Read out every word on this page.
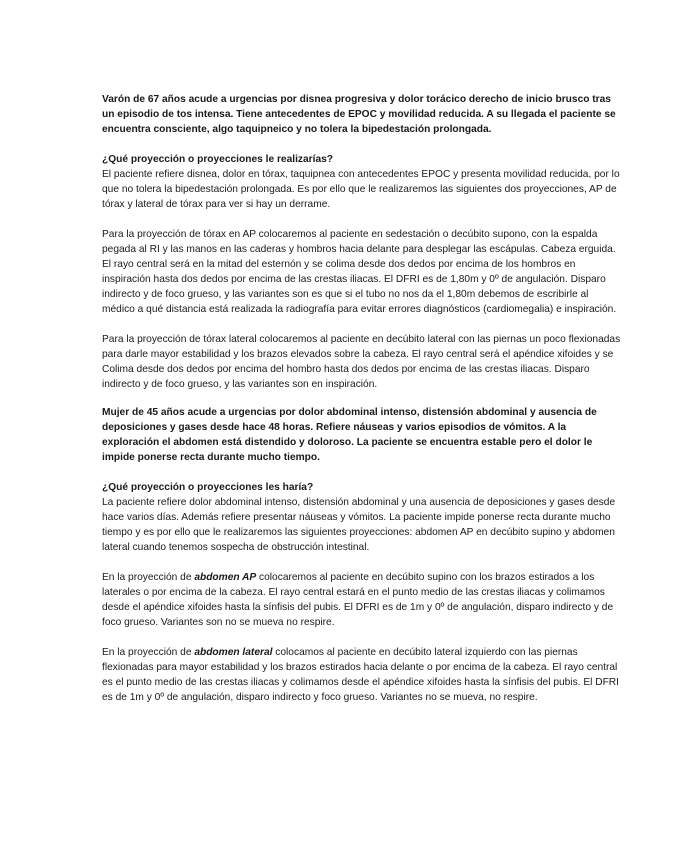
Varón de 67 años acude a urgencias por disnea progresiva y dolor torácico derecho de inicio brusco tras un episodio de tos intensa. Tiene antecedentes de EPOC y movilidad reducida. A su llegada el paciente se encuentra consciente, algo taquipneico y no tolera la bipedestación prolongada.

¿Qué proyección o proyecciones le realizarías?

El paciente refiere disnea, dolor en tórax, taquipnea con antecedentes EPOC y presenta movilidad reducida, por lo que no tolera la bipedestación prolongada. Es por ello que le realizaremos las siguientes dos proyecciones, AP de tórax y lateral de tórax para ver si hay un derrame.

Para la proyección de tórax en AP colocaremos al paciente en sedestación o decúbito supono, con la espalda pegada al RI y las manos en las caderas y hombros hacia delante para desplegar las escápulas. Cabeza erguida. El rayo central será en la mitad del esternón y se colima desde dos dedos por encima de los hombros en inspiración hasta dos dedos por encima de las crestas iliacas. El DFRI es de 1,80m y 0º de angulación. Disparo indirecto y de foco grueso, y las variantes son es que si el tubo no nos da el 1,80m debemos de escribirle al médico a qué distancia está realizada la radiografía para evitar errores diagnósticos (cardiomegalia) e inspiración.

Para la proyección de tórax lateral colocaremos al paciente en decúbito lateral con las piernas un poco flexionadas para darle mayor estabilidad y los brazos elevados sobre la cabeza. El rayo central será el apéndice xifoides y se Colima desde dos dedos por encima del hombro hasta dos dedos por encima de las crestas iliacas. Disparo indirecto y de foco grueso, y las variantes son en inspiración.

Mujer de 45 años acude a urgencias por dolor abdominal intenso, distensión abdominal y ausencia de deposiciones y gases desde hace 48 horas. Refiere náuseas y varios episodios de vómitos. A la exploración el abdomen está distendido y doloroso. La paciente se encuentra estable pero el dolor le impide ponerse recta durante mucho tiempo.

¿Qué proyección o proyecciones les haría?

La paciente refiere dolor abdominal intenso, distensión abdominal y una ausencia de deposiciones y gases desde hace varios días. Además refiere presentar náuseas y vómitos. La paciente impide ponerse recta durante mucho tiempo y es por ello que le realizaremos las siguientes proyecciones: abdomen AP en decúbito supino y abdomen lateral cuando tenemos sospecha de obstrucción intestinal.

En la proyección de abdomen AP colocaremos al paciente en decúbito supino con los brazos estirados a los laterales o por encima de la cabeza. El rayo central estará en el punto medio de las crestas iliacas y colimamos desde el apéndice xifoides hasta la sínfisis del pubis. El DFRI es de 1m y 0º de angulación, disparo indirecto y de foco grueso. Variantes son no se mueva no respire.

En la proyección de abdomen lateral colocamos al paciente en decúbito lateral izquierdo con las piernas flexionadas para mayor estabilidad y los brazos estirados hacia delante o por encima de la cabeza. El rayo central es el punto medio de las crestas iliacas y colimamos desde el apéndice xifoides hasta la sínfisis del pubis. El DFRI es de 1m y 0º de angulación, disparo indirecto y foco grueso. Variantes no se mueva, no respire.
